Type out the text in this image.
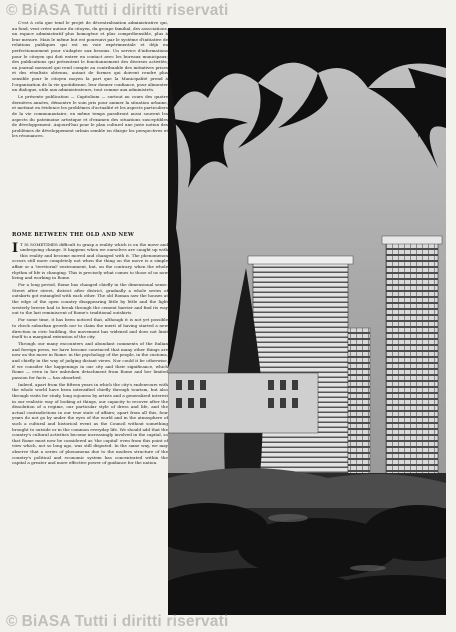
© BiASA Tutti i diritti riservati

C'est à cela que tend le projet de décentralisation administrative qui, au fond, veut créer autour du citoyen, du groupe familial, des associations, un espace administratif plus homogène et plus compréhensible, plus à leur mesure. Mais le même but est poursuivi par le système d'initiative de relations publiques qui est en voie expérimentale et déjà en perfectionnement pour s'adapter aux besoins. Un service d'informations pour le citoyen qui doit entrer en contact avec les bureaux municipaux; des publications qui présentent le fonctionnement des diverses activités; un journal mensuel qui rend compte au contribuable des initiatives prises et des résultats obtenus, autant de formes qui doivent rendre plus sensible pour le citoyen moyen la part que la Municipalité prend à l'organisation de la vie quotidienne, leur donner confiance, pour alimenter un dialogue, utile aux administrateurs, tout comme aux administrés.

Le présente publication — Capitolium — surtout au cours des quatre dernières années, démontre le soin pris pour animer la situation urbaine, et mettant en évidence les problèmes d'actualité et les aspects particuliers de la vie communautaire, en même temps paraîtront aussi souvent les aspects du patrimoine artistique et d'examen des situations susceptibles de développement. Aujourd'hui pour le plan culturel une juste notion des problèmes de développement urbain semble en élargir les perspectives et les résonances.

ROME BETWEEN THE OLD AND NEW

I T IS SOMETIMES difficult to grasp a reality which is on the move and undergoing change. It happens when we ourselves are caught up with this reality and become moved and changed with it. The phenomenon occurs still more completely not when the thing on the move is a simple affair or a 'territorial' environment, but, on the contrary, when the whole rhythm of life is changing. This is precisely what comes to those of us now living and working in Rome.

For a long period, Rome has changed chiefly in the dimensional sense. Street after street, district after district, gradually a whole series of outskirts got entangled with each other. The old Roman saw the houses at the edge of the open country disappearing little by little and the light westerly breeze had to break through the cement barrier and find its way out to the last reminiscent of Rome's traditional outskirts.

For some time, it has been noticed that, although it is not yet possible to check suburban growth nor to claim the merit of having started a new direction in civic building, the movement has widened and does not limit itself to a marginal extension of the city.

Through our many encounters and abundant comments of the Italian and foreign press, we have become convinced that many other things are now on the move in Rome: in the psychology of the people, in the customs, and chiefly in the way of judging distant views. Nor could it be otherwise, if we consider the happenings in our city and their significance, which Rome — even in her unbroken detachment from Rome and her limited passion for facts — has absorbed.

Indeed, apart from the fifteen years in which the city's endeavours with the whole world have been intensified chiefly through tourism, but also through visits for study, long sojourns by artists and a generalized interest in our realistic way of looking at things, our capacity to recover after the dissolution of a regime, our particular style of dress and life, and the actual contradictions in our true state of affairs; apart from all this, four years do not go by under the eyes of the world and in the atmosphere of such a cultural and historical event as the Council without something brought to outside or in the common everyday life. We should add that the country's cultural activities become increasingly involved in the capital, so that Rome must now be considered as 'the capital' even from this point of view which, not so long ago, was still disputed. In the same way, we may observe that a series of phenomena due to the modern structure of the country's political and economic system has concentrated within the capital a greater and more effective power of guidance for the nation.

© BiASA Tutti i diritti riservati
